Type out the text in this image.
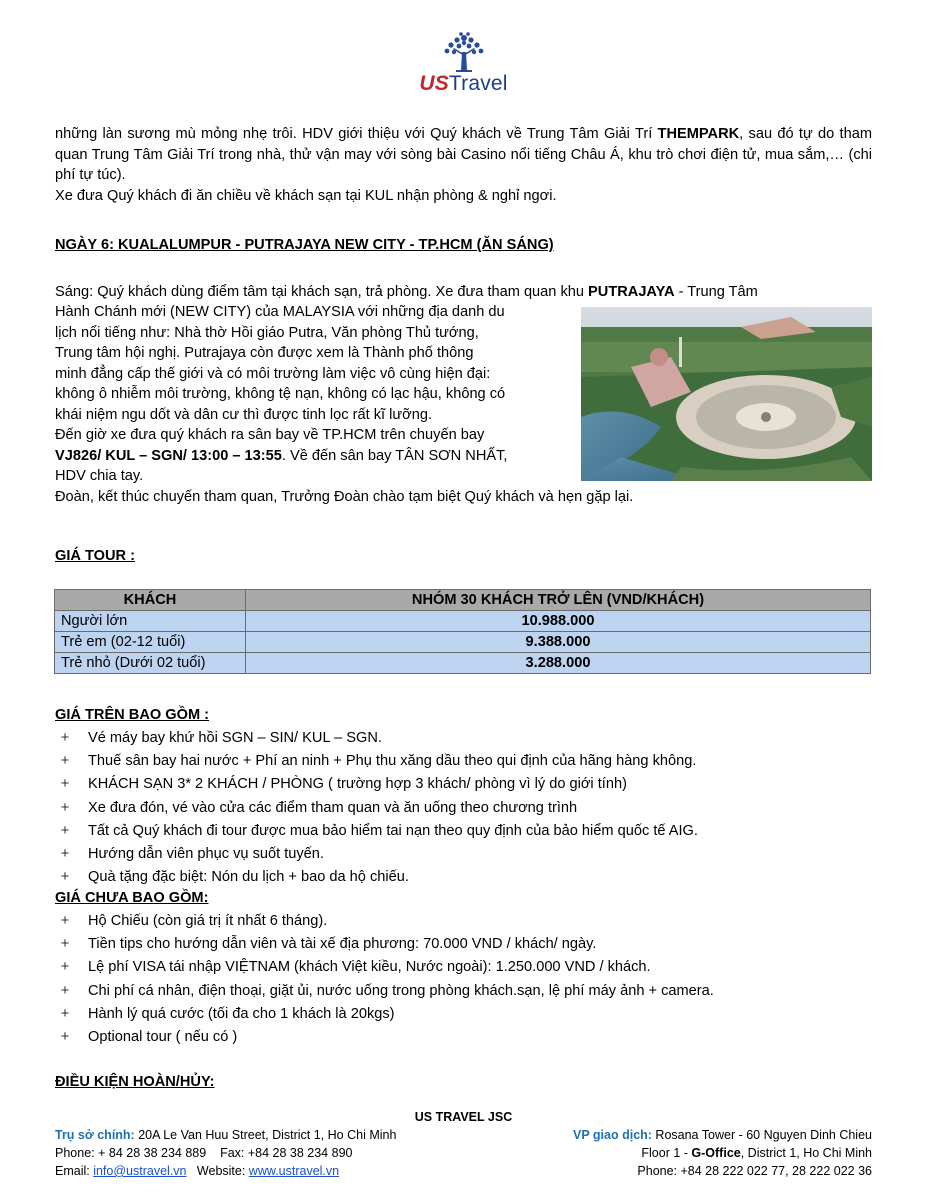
USTravel

những làn sương mù mỏng nhẹ trôi. HDV giới thiệu với Quý khách về Trung Tâm Giải Trí THEMPARK, sau đó tự do tham quan Trung Tâm Giải Trí trong nhà, thử vận may với sòng bài Casino nổi tiếng Châu Á, khu trò chơi điện tử, mua sắm,… (chi phí tự túc).

Xe đưa Quý khách đi ăn chiều về khách sạn tại KUL nhận phòng & nghỉ ngơi.

NGÀY 6: KUALALUMPUR - PUTRAJAYA NEW CITY - TP.HCM (ĂN SÁNG)
Sáng: Quý khách dùng điểm tâm tại khách sạn, trả phòng. Xe đưa tham quan khu PUTRAJAYA - Trung Tâm
Hành Chánh mới (NEW CITY) của MALAYSIA với những địa danh du
lịch nổi tiếng như: Nhà thờ Hồi giáo Putra, Văn phòng Thủ tướng,
Trung tâm hội nghị. Putrajaya còn được xem là Thành phố thông
minh đẳng cấp thế giới và có môi trường làm việc vô cùng hiện đại:
không ô nhiễm môi trường, không tệ nạn, không có lạc hậu, không có
khái niệm ngu dốt và dân cư thì được tinh lọc rất kĩ lưỡng.
Đến giờ xe đưa quý khách ra sân bay về TP.HCM trên chuyến bay
VJ826/ KUL – SGN/ 13:00 – 13:55. Về đến sân bay TÂN SƠN NHẤT,
HDV chia tay.
Đoàn, kết thúc chuyến tham quan, Trưởng Đoàn chào tạm biệt Quý khách và hẹn gặp lại.
GIÁ TOUR :
KHÁCH	NHÓM 30 KHÁCH TRỞ LÊN (VND/KHÁCH)
Người lớn	10.988.000
Trẻ em (02-12 tuổi)	9.388.000
Trẻ nhỏ (Dưới 02 tuổi)	3.288.000
GIÁ TRÊN BAO GỒM :
+	Vé máy bay khứ hồi SGN – SIN/ KUL – SGN.
+	Thuế sân bay hai nước + Phí an ninh + Phụ thu xăng dầu theo qui định của hãng hàng không.
+	KHÁCH SẠN 3* 2 KHÁCH / PHÒNG ( trường hợp 3 khách/ phòng vì lý do giới tính)
+	Xe đưa đón, vé vào cửa các điểm tham quan và ăn uống theo chương trình
+	Tất cả Quý khách đi tour được mua bảo hiểm tai nạn theo quy định của bảo hiểm quốc tế AIG.
+	Hướng dẫn viên phục vụ suốt tuyến.
+	Quà tặng đặc biệt: Nón du lịch + bao da hộ chiếu.
GIÁ CHƯA BAO GỒM:
+	Hộ Chiếu (còn giá trị ít nhất 6 tháng).
+	Tiền tips cho hướng dẫn viên và tài xế địa phương: 70.000 VND / khách/ ngày.
+	Lệ phí VISA tái nhập VIỆTNAM (khách Việt kiều, Nước ngoài): 1.250.000 VND / khách.
+	Chi phí cá nhân, điện thoại, giặt ủi, nước uống trong phòng khách.sạn, lệ phí máy ảnh + camera.
+	Hành lý quá cước (tối đa cho 1 khách là 20kgs)
+	Optional tour ( nếu có )
ĐIỀU KIỆN HOÀN/HỦY:
US TRAVEL JSC
Trụ sở chính: 20A Le Van Huu Street, District 1, Ho Chi Minh
Phone: + 84 28 38 234 889    Fax: +84 28 38 234 890
Email: info@ustravel.vn   Website: www.ustravel.vn
VP giao dịch: Rosana Tower - 60 Nguyen Dinh Chieu
Floor 1 - G-Office, District 1, Ho Chi Minh
Phone: +84 28 222 022 77, 28 222 022 36
